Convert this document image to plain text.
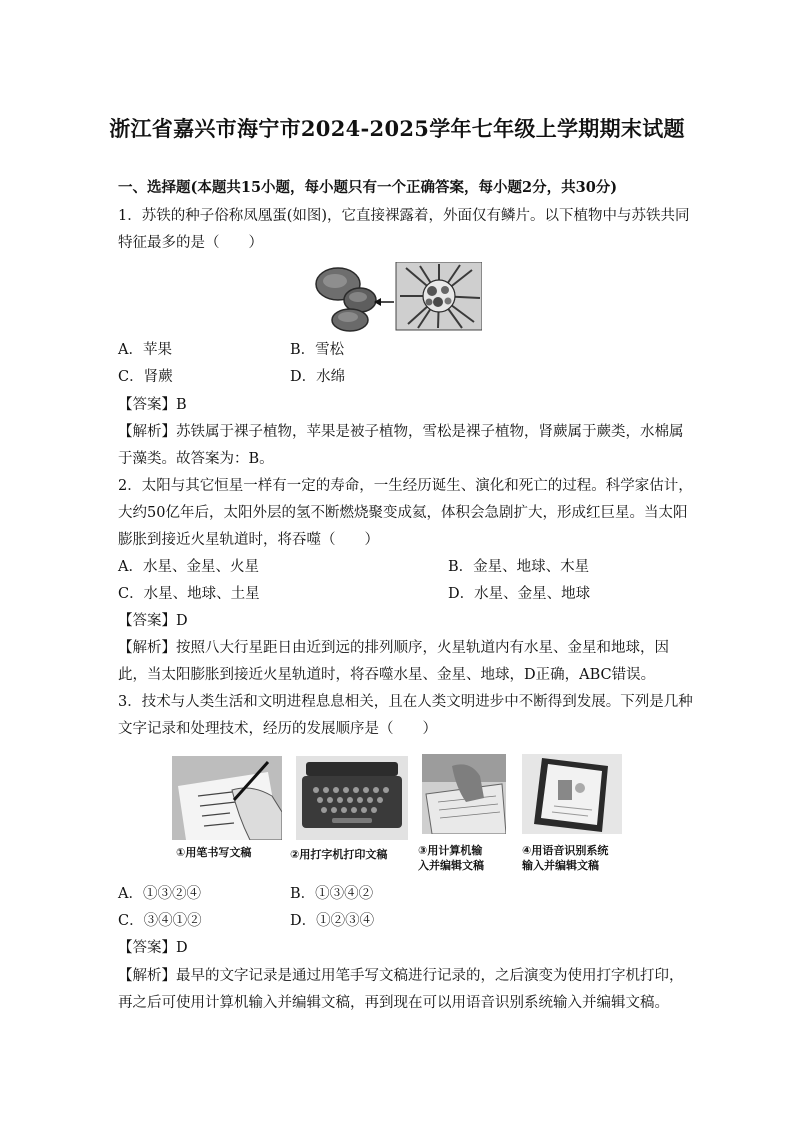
浙江省嘉兴市海宁市2024-2025学年七年级上学期期末试题
一、选择题(本题共15小题，每小题只有一个正确答案，每小题2分，共30分)
1．苏铁的种子俗称凤凰蛋(如图)，它直接裸露着，外面仅有鳞片。以下植物中与苏铁共同
特征最多的是（　　）
A．苹果	B．雪松
C．肾蕨	D．水绵
【答案】B
【解析】苏铁属于裸子植物，苹果是被子植物，雪松是裸子植物，肾蕨属于蕨类，水棉属
于藻类。故答案为：B。
2．太阳与其它恒星一样有一定的寿命，一生经历诞生、演化和死亡的过程。科学家估计，
大约50亿年后，太阳外层的氢不断燃烧聚变成氦，体积会急剧扩大，形成红巨星。当太阳
膨胀到接近火星轨道时，将吞噬（　　）
A．水星、金星、火星	B．金星、地球、木星
C．水星、地球、土星	D．水星、金星、地球
【答案】D
【解析】按照八大行星距日由近到远的排列顺序，火星轨道内有水星、金星和地球，因
此，当太阳膨胀到接近火星轨道时，将吞噬水星、金星、地球，D正确，ABC错误。
3．技术与人类生活和文明进程息息相关，且在人类文明进步中不断得到发展。下列是几种
文字记录和处理技术，经历的发展顺序是（　　）
①用笔书写文稿	②用打字机打印文稿	③用计算机输
入并编辑文稿
④用语音识别系统
输入并编辑文稿
A．①③②④	B．①③④②
C．③④①②	D．①②③④
【答案】D
【解析】最早的文字记录是通过用笔手写文稿进行记录的，之后演变为使用打字机打印，
再之后可使用计算机输入并编辑文稿，再到现在可以用语音识别系统输入并编辑文稿。
